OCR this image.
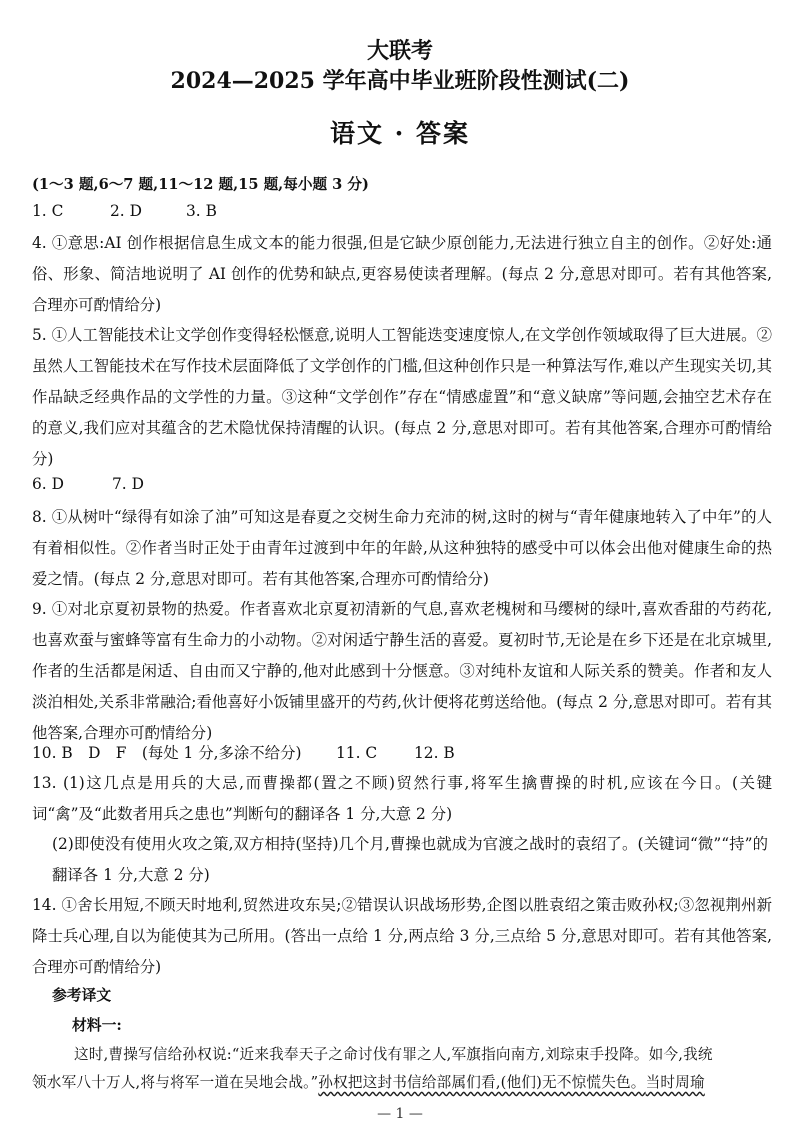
大联考
2024—2025 学年高中毕业班阶段性测试(二)
语文 · 答案
(1～3 题,6～7 题,11～12 题,15 题,每小题 3 分)
1. C	2. D	3. B
4. ①意思:AI 创作根据信息生成文本的能力很强,但是它缺少原创能力,无法进行独立自主的创作。②好处:通俗、形象、简洁地说明了 AI 创作的优势和缺点,更容易使读者理解。(每点 2 分,意思对即可。若有其他答案,合理亦可酌情给分)
5. ①人工智能技术让文学创作变得轻松惬意,说明人工智能迭变速度惊人,在文学创作领域取得了巨大进展。②虽然人工智能技术在写作技术层面降低了文学创作的门槛,但这种创作只是一种算法写作,难以产生现实关切,其作品缺乏经典作品的文学性的力量。③这种“文学创作”存在“情感虚置”和“意义缺席”等问题,会抽空艺术存在的意义,我们应对其蕴含的艺术隐忧保持清醒的认识。(每点 2 分,意思对即可。若有其他答案,合理亦可酌情给分)
6. D	7. D
8. ①从树叶“绿得有如涂了油”可知这是春夏之交树生命力充沛的树,这时的树与“青年健康地转入了中年”的人有着相似性。②作者当时正处于由青年过渡到中年的年龄,从这种独特的感受中可以体会出他对健康生命的热爱之情。(每点 2 分,意思对即可。若有其他答案,合理亦可酌情给分)
9. ①对北京夏初景物的热爱。作者喜欢北京夏初清新的气息,喜欢老槐树和马缨树的绿叶,喜欢香甜的芍药花,也喜欢蚕与蜜蜂等富有生命力的小动物。②对闲适宁静生活的喜爱。夏初时节,无论是在乡下还是在北京城里,作者的生活都是闲适、自由而又宁静的,他对此感到十分惬意。③对纯朴友谊和人际关系的赞美。作者和友人淡泊相处,关系非常融洽;看他喜好小饭铺里盛开的芍药,伙计便将花剪送给他。(每点 2 分,意思对即可。若有其他答案,合理亦可酌情给分)
10. B　D　F　(每处 1 分,多涂不给分) 11. C 12. B
13. (1)这几点是用兵的大忌,而曹操都(置之不顾)贸然行事,将军生擒曹操的时机,应该在今日。(关键词“禽”及“此数者用兵之患也”判断句的翻译各 1 分,大意 2 分)
(2)即使没有使用火攻之策,双方相持(坚持)几个月,曹操也就成为官渡之战时的袁绍了。(关键词“微”“持”的翻译各 1 分,大意 2 分)
14. ①舍长用短,不顾天时地利,贸然进攻东吴;②错误认识战场形势,企图以胜袁绍之策击败孙权;③忽视荆州新降士兵心理,自以为能使其为己所用。(答出一点给 1 分,两点给 3 分,三点给 5 分,意思对即可。若有其他答案,合理亦可酌情给分)
参考译文
材料一:
这时,曹操写信给孙权说:“近来我奉天子之命讨伐有罪之人,军旗指向南方,刘琮束手投降。如今,我统
领水军八十万人,将与将军一道在吴地会战。”孙权把这封书信给部属们看,(他们)无不惊慌失色。当时周瑜
— 1 —
